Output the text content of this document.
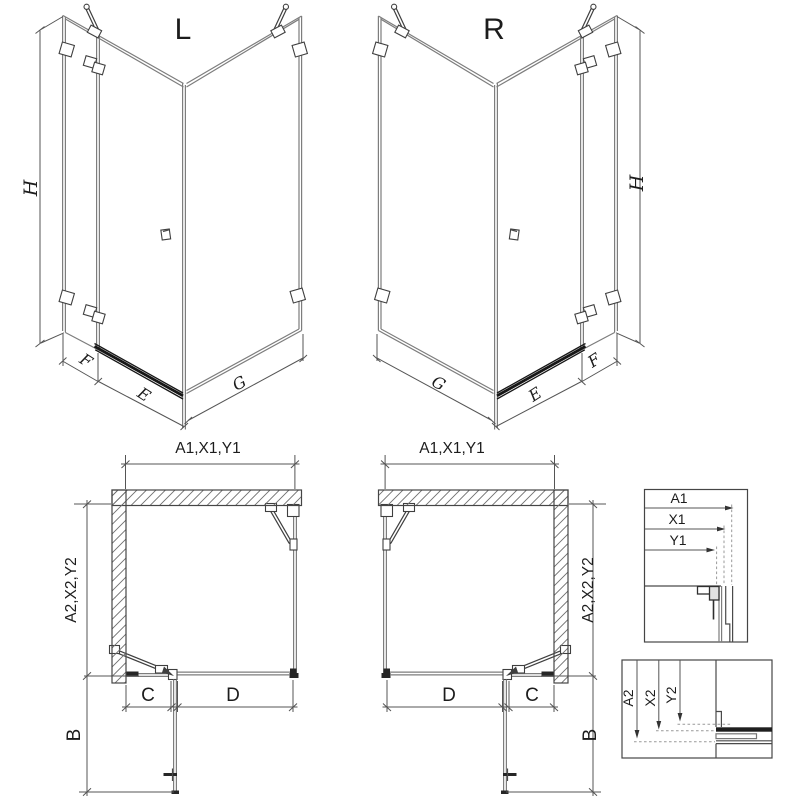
L	R
H	H
F	F
E	E
G	G
A1,X1,Y1	A1,X1,Y1
A2,X2,Y2	A2,X2,Y2
B	B
C	C
D	D
A1
X1
Y1
A2 X2 Y2
